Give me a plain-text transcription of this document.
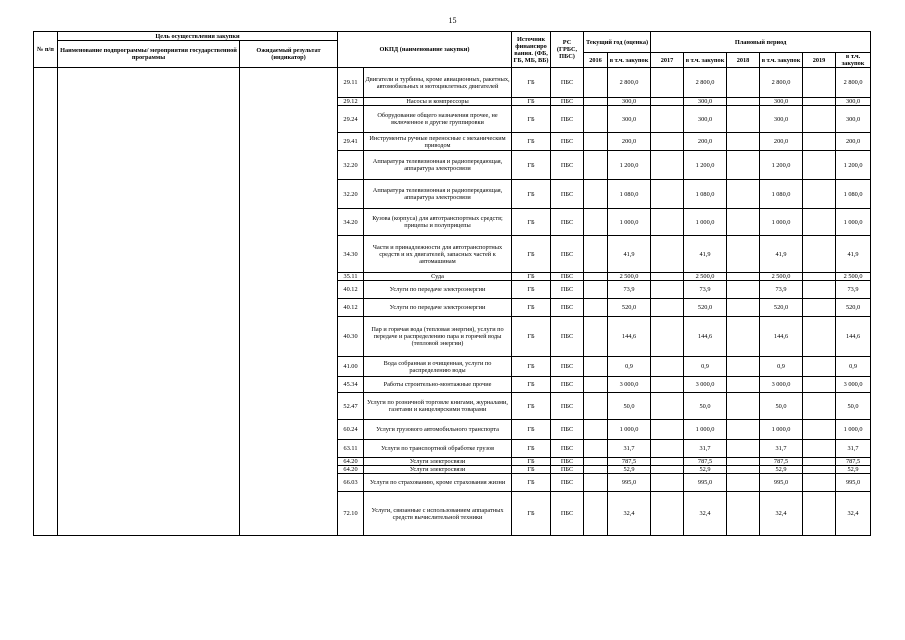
15
№ п/п	Цель осуществления закупки		ОКПД (наименование закупки)		Источник финансиро вания. (ФБ, ГБ, МБ, ВБ)	РС (ГРБС, ПБС)	Текущий год (оценка)		Плановый период					
	Наименование подпрограммы/ мероприятия государственной программы	Ожидаемый результат (индикатор)												
							2016	в т.ч. закупок	2017	в т.ч. закупок	2018	в т.ч. закупок	2019	в т.ч. закупок
			29.11	Двигатели и турбины, кроме авиационных, ракетных, автомобильных и мотоциклетных двигателей	ГБ	ПБС		2 800,0		2 800,0		2 800,0		2 800,0
			29.12	Насосы и компрессоры	ГБ	ПБС		300,0		300,0		300,0		300,0
			29.24	Оборудование общего назначения прочее, не включенное в другие группировки	ГБ	ПБС		300,0		300,0		300,0		300,0
			29.41	Инструменты ручные переносные с механическим приводом	ГБ	ПБС		200,0		200,0		200,0		200,0
			32.20	Аппаратура телевизионная и радиопередающая, аппаратура электросвязи	ГБ	ПБС		1 200,0		1 200,0		1 200,0		1 200,0
			32.20	Аппаратура телевизионная и радиопередающая, аппаратура электросвязи	ГБ	ПБС		1 080,0		1 080,0		1 080,0		1 080,0
			34.20	Кузова (корпуса) для автотранспортных средств; прицепы и полуприцепы	ГБ	ПБС		1 000,0		1 000,0		1 000,0		1 000,0
			34.30	Части и принадлежности для автотранспортных средств и их двигателей, запасных частей к автомашинам	ГБ	ПБС		41,9		41,9		41,9		41,9
			35.11	Суда	ГБ	ПБС		2 500,0		2 500,0		2 500,0		2 500,0
			40.12	Услуги по передаче электроэнергии	ГБ	ПБС		73,9		73,9		73,9		73,9
			40.12	Услуги по передаче электроэнергии	ГБ	ПБС		520,0		520,0		520,0		520,0
			40.30	Пар и горячая вода (тепловая энергия), услуги по передаче и распределению пара и горячей воды (тепловой энергии)	ГБ	ПБС		144,6		144,6		144,6		144,6
			41.00	Вода собранная и очищенная, услуги по распределению воды	ГБ	ПБС		0,9		0,9		0,9		0,9
			45.34	Работы строительно-монтажные прочие	ГБ	ПБС		3 000,0		3 000,0		3 000,0		3 000,0
			52.47	Услуги по розничной торговле книгами, журналами, газетами и канцелярскими товарами	ГБ	ПБС		50,0		50,0		50,0		50,0
			60.24	Услуги грузового автомобильного транспорта	ГБ	ПБС		1 000,0		1 000,0		1 000,0		1 000,0
			63.11	Услуги по транспортной обработке грузов	ГБ	ПБС		31,7		31,7		31,7		31,7
			64.20	Услуги электросвязи	ГБ	ПБС		787,5		787,5		787,5		787,5
			64.20	Услуги электросвязи	ГБ	ПБС		52,9		52,9		52,9		52,9
			66.03	Услуги по страхованию, кроме страхования жизни	ГБ	ПБС		995,0		995,0		995,0		995,0
			72.10	Услуги, связанные с использованием аппаратных средств вычислительной техники	ГБ	ПБС		32,4		32,4		32,4		32,4
